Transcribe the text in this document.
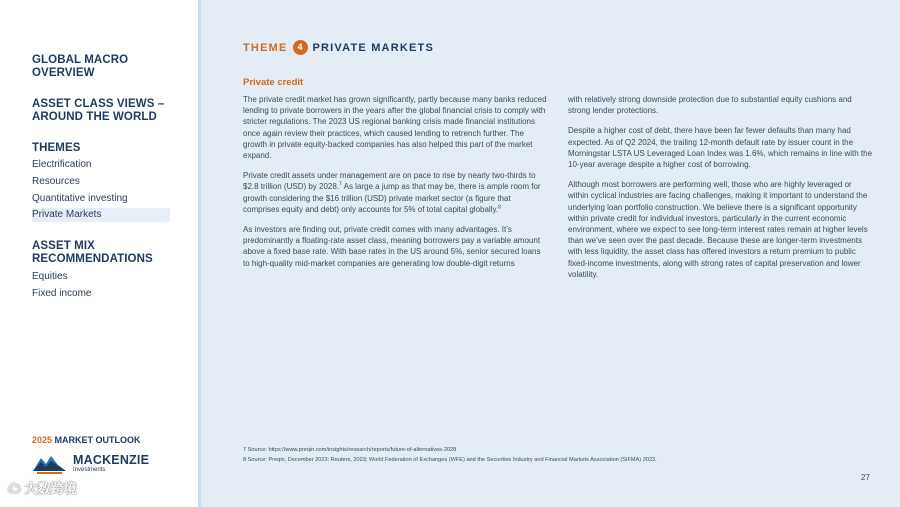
GLOBAL MACRO
OVERVIEW
ASSET CLASS VIEWS –
AROUND THE WORLD
THEMES
Electrification
Resources
Quantitative investing
Private Markets
ASSET MIX
RECOMMENDATIONS
Equities
Fixed income
2025 MARKET OUTLOOK
MACKENZIE
Investments
☁ 大数跨境
THEME	4 PRIVATE MARKETS
Private credit

The private credit market has grown significantly, partly because many banks reduced lending to private borrowers in the years after the global financial crisis to comply with stricter regulations. The 2023 US regional banking crisis made financial institutions once again review their practices, which caused lending to retrench further. The growth in private equity-backed companies has also helped this part of the market expand.

Private credit assets under management are on pace to rise by nearly two-thirds to $2.8 trillion (USD) by 2028.$^7$ As large a jump as that may be, there is ample room for growth considering the $16 trillion (USD) private market sector (a figure that comprises equity and debt) only accounts for 5% of total capital globally.$^8$

As investors are finding out, private credit comes with many advantages. It’s predominantly a floating-rate asset class, meaning borrowers pay a variable amount above a fixed base rate. With base rates in the US around 5%, senior secured loans to high-quality mid-market companies are generating low double-digit returns

with relatively strong downside protection due to substantial equity cushions and strong lender protections.

Despite a higher cost of debt, there have been far fewer defaults than many had expected. As of Q2 2024, the trailing 12-month default rate by issuer count in the Morningstar LSTA US Leveraged Loan Index was 1.6%, which remains in line with the 10-year average despite a higher cost of borrowing.

Although most borrowers are performing well, those who are highly leveraged or within cyclical industries are facing challenges, making it important to understand the underlying loan portfolio construction. We believe there is a significant opportunity within private credit for individual investors, particularly in the current economic environment, where we expect to see long-term interest rates remain at higher levels than we’ve seen over the past decade. Because these are longer-term investments with less liquidity, the asset class has offered investors a return premium to public fixed-income investments, along with strong rates of capital preservation and lower volatility.

7 Source: https://www.preqin.com/insights/research/reports/future-of-alternatives-2028
8 Source: Preqin, December 2023; Reuters, 2023; World Federation of Exchanges (WFE) and the Securities Industry and Financial Markets Association (SIFMA) 2023.
27
